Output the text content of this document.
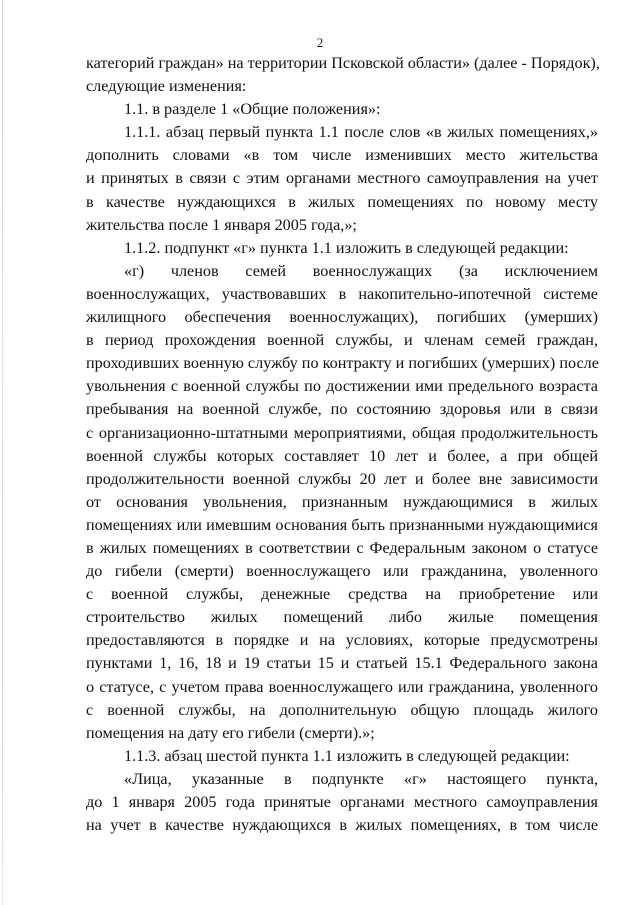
2

категорий граждан» на территории Псковской области» (далее - Порядок),

следующие изменения:

1.1. в разделе 1 «Общие положения»:

1.1.1. абзац первый пункта 1.1 после слов «в жилых помещениях,»

дополнить словами «в том числе изменивших место жительства

и принятых в связи с этим органами местного самоуправления на учет

в качестве нуждающихся в жилых помещениях по новому месту

жительства после 1 января 2005 года,»;

1.1.2. подпункт «г» пункта 1.1 изложить в следующей редакции:

«г) членов семей военнослужащих (за исключением

военнослужащих, участвовавших в накопительно-ипотечной системе

жилищного обеспечения военнослужащих), погибших (умерших)

в период прохождения военной службы, и членам семей граждан,

проходивших военную службу по контракту и погибших (умерших) после

увольнения с военной службы по достижении ими предельного возраста

пребывания на военной службе, по состоянию здоровья или в связи

с организационно-штатными мероприятиями, общая продолжительность

военной службы которых составляет 10 лет и более, а при общей

продолжительности военной службы 20 лет и более вне зависимости

от основания увольнения, признанным нуждающимися в жилых

помещениях или имевшим основания быть признанными нуждающимися

в жилых помещениях в соответствии с Федеральным законом о статусе

до гибели (смерти) военнослужащего или гражданина, уволенного

с военной службы, денежные средства на приобретение или

строительство жилых помещений либо жилые помещения

предоставляются в порядке и на условиях, которые предусмотрены

пунктами 1, 16, 18 и 19 статьи 15 и статьей 15.1 Федерального закона

о статусе, с учетом права военнослужащего или гражданина, уволенного

с военной службы, на дополнительную общую площадь жилого

помещения на дату его гибели (смерти).»;

1.1.3. абзац шестой пункта 1.1 изложить в следующей редакции:

«Лица, указанные в подпункте «г» настоящего пункта,

до 1 января 2005 года принятые органами местного самоуправления

на учет в качестве нуждающихся в жилых помещениях, в том числе
